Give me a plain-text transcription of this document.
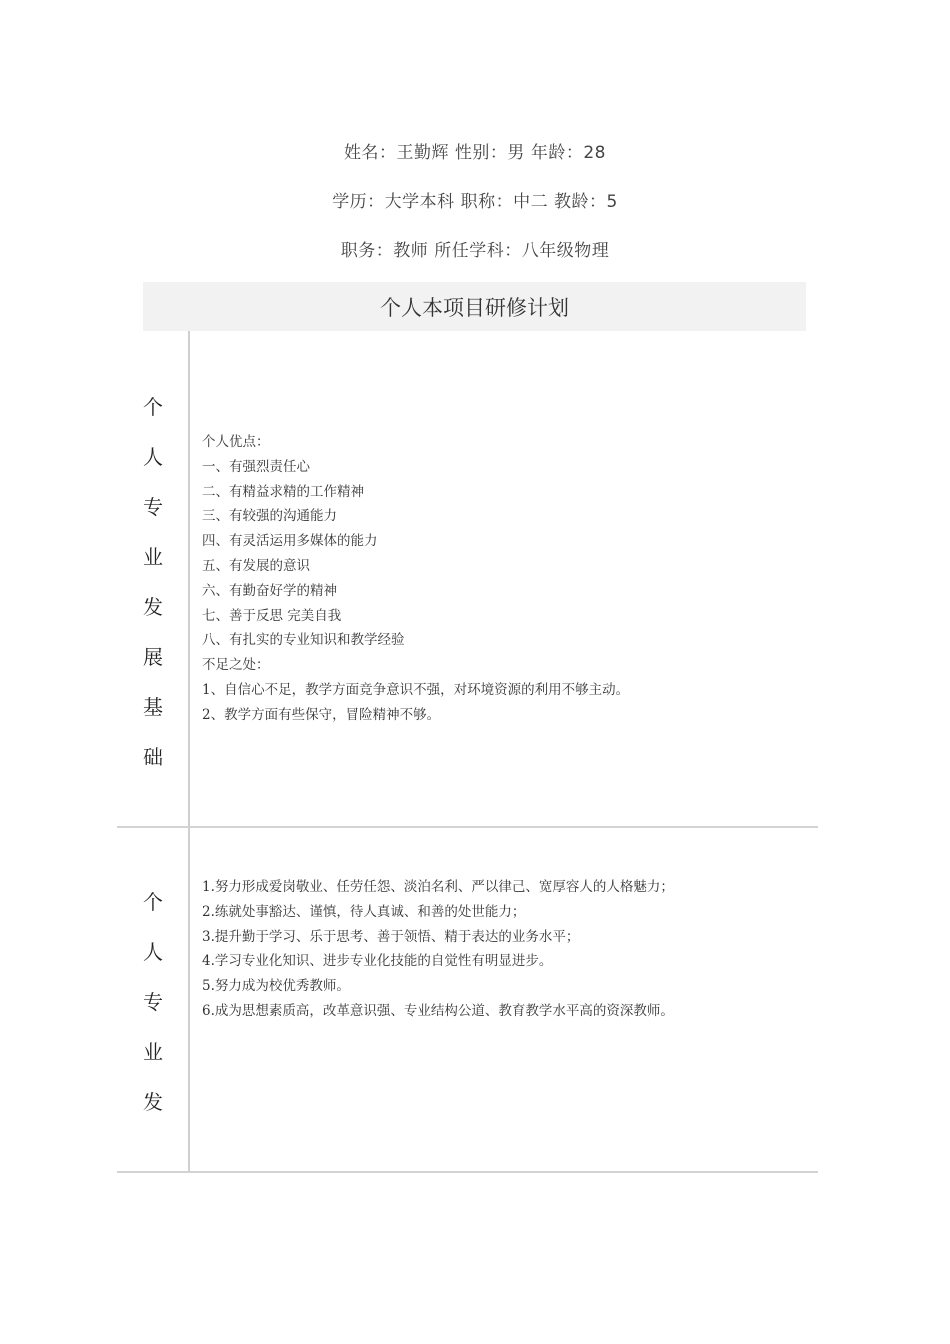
姓名：王勤辉 性别：男 年龄：28
学历：大学本科 职称：中二 教龄：5
职务：教师 所任学科：八年级物理
个人本项目研修计划
个
人
专
业
发
展
基
础
个人优点：
一、有强烈责任心
二、有精益求精的工作精神
三、有较强的沟通能力
四、有灵活运用多媒体的能力
五、有发展的意识
六、有勤奋好学的精神
七、善于反思 完美自我
八、有扎实的专业知识和教学经验
不足之处：
1、自信心不足，教学方面竞争意识不强，对环境资源的利用不够主动。
2、教学方面有些保守，冒险精神不够。
个
人
专
业
发
1.努力形成爱岗敬业、任劳任怨、淡泊名利、严以律己、宽厚容人的人格魅力；
2.练就处事豁达、谨慎，待人真诚、和善的处世能力；
3.提升勤于学习、乐于思考、善于领悟、精于表达的业务水平；
4.学习专业化知识、进步专业化技能的自觉性有明显进步。
5.努力成为校优秀教师。
6.成为思想素质高，改革意识强、专业结构公道、教育教学水平高的资深教师。
